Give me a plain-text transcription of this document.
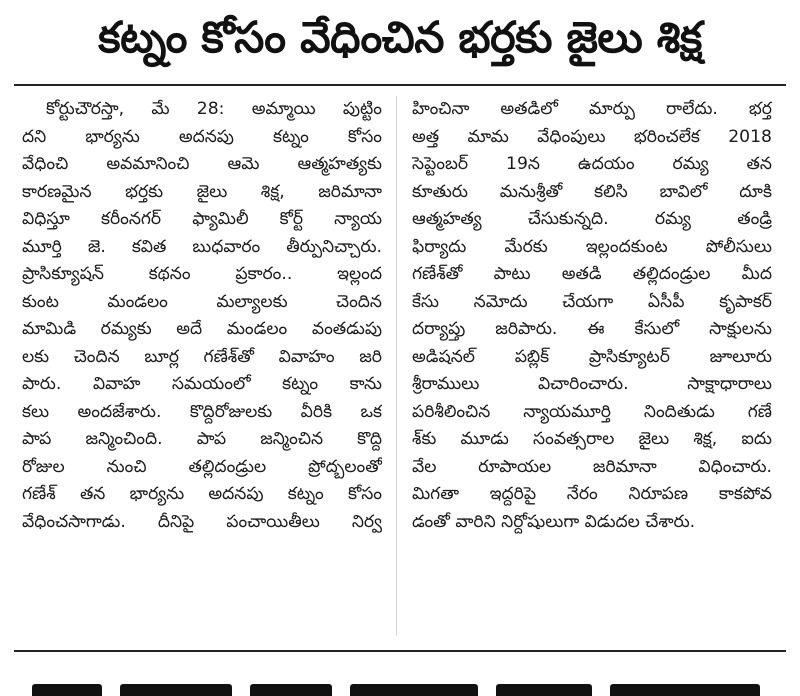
కట్నం కోసం వేధించిన భర్తకు జైలు శిక్ష
కోర్టుచౌరస్తా, మే 28: అమ్మాయి పుట్టిం
దని భార్యను అదనపు కట్నం కోసం
వేధించి అవమానించి ఆమె ఆత్మహత్యకు
కారణమైన భర్తకు జైలు శిక్ష, జరిమానా
విధిస్తూ కరీంనగర్ ఫ్యామిలీ కోర్ట్ న్యాయ
మూర్తి జె. కవిత బుధవారం తీర్పునిచ్చారు.
ప్రాసిక్యూషన్ కథనం ప్రకారం.. ఇల్లంద
కుంట మండలం మల్యాలకు చెందిన
మామిడి రమ్యకు అదే మండలం వంతడుపు
లకు చెందిన బూర్ల గణేశ్‌తో వివాహం జరి
పారు. వివాహ సమయంలో కట్నం కాను
కలు అందజేశారు. కొద్దిరోజులకు వీరికి ఒక
పాప జన్మించింది. పాప జన్మించిన కొద్ది
రోజుల నుంచి తల్లిదండ్రుల ప్రోద్బలంతో
గణేశ్ తన భార్యను అదనపు కట్నం కోసం
వేధించసాగాడు. దీనిపై పంచాయితీలు నిర్వ
హించినా అతడిలో మార్పు రాలేదు. భర్త
అత్త మామ వేధింపులు భరించలేక 2018
సెప్టెంబర్ 19న ఉదయం రమ్య తన
కూతురు మనుశ్రీతో కలిసి బావిలో దూకి
ఆత్మహత్య చేసుకున్నది. రమ్య తండ్రి
ఫిర్యాదు మేరకు ఇల్లందకుంట పోలీసులు
గణేశ్‌తో పాటు అతడి తల్లిదండ్రుల మీద
కేసు నమోదు చేయగా ఏసీపీ కృపాకర్
దర్యాప్తు జరిపారు. ఈ కేసులో సాక్షులను
అడిషనల్ పబ్లిక్ ప్రాసిక్యూటర్ జూలూరు
శ్రీరాములు విచారించారు. సాక్షాధారాలు
పరిశీలించిన న్యాయమూర్తి నిందితుడు గణే
శ్‌కు మూడు సంవత్సరాల జైలు శిక్ష, ఐదు
వేల రూపాయల జరిమానా విధించారు.
మిగతా ఇద్దరిపై నేరం నిరూపణ కాకపోవ
డంతో వారిని నిర్దోషులుగా విడుదల చేశారు.
